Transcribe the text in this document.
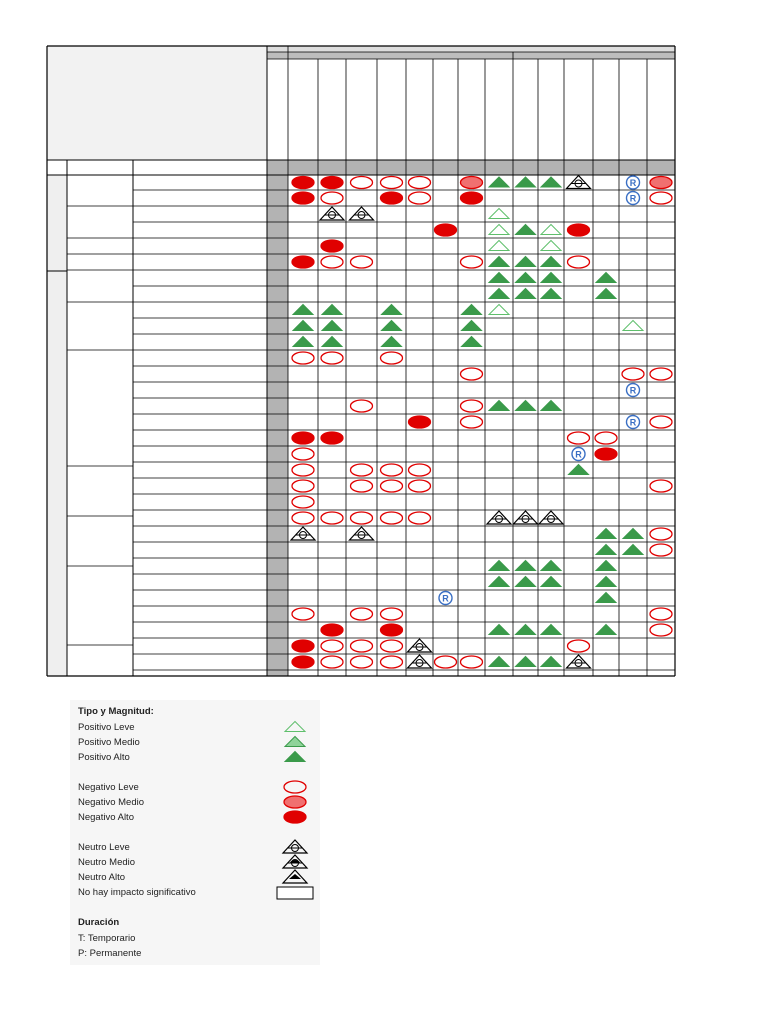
R
R
R
R
R
R
Tipo y Magnitud:
Positivo Leve
Positivo Medio
Positivo Alto
Negativo Leve
Negativo Medio
Negativo Alto
Neutro Leve
Neutro Medio
Neutro Alto
No hay impacto significativo
Duración
T: Temporario
P: Permanente
